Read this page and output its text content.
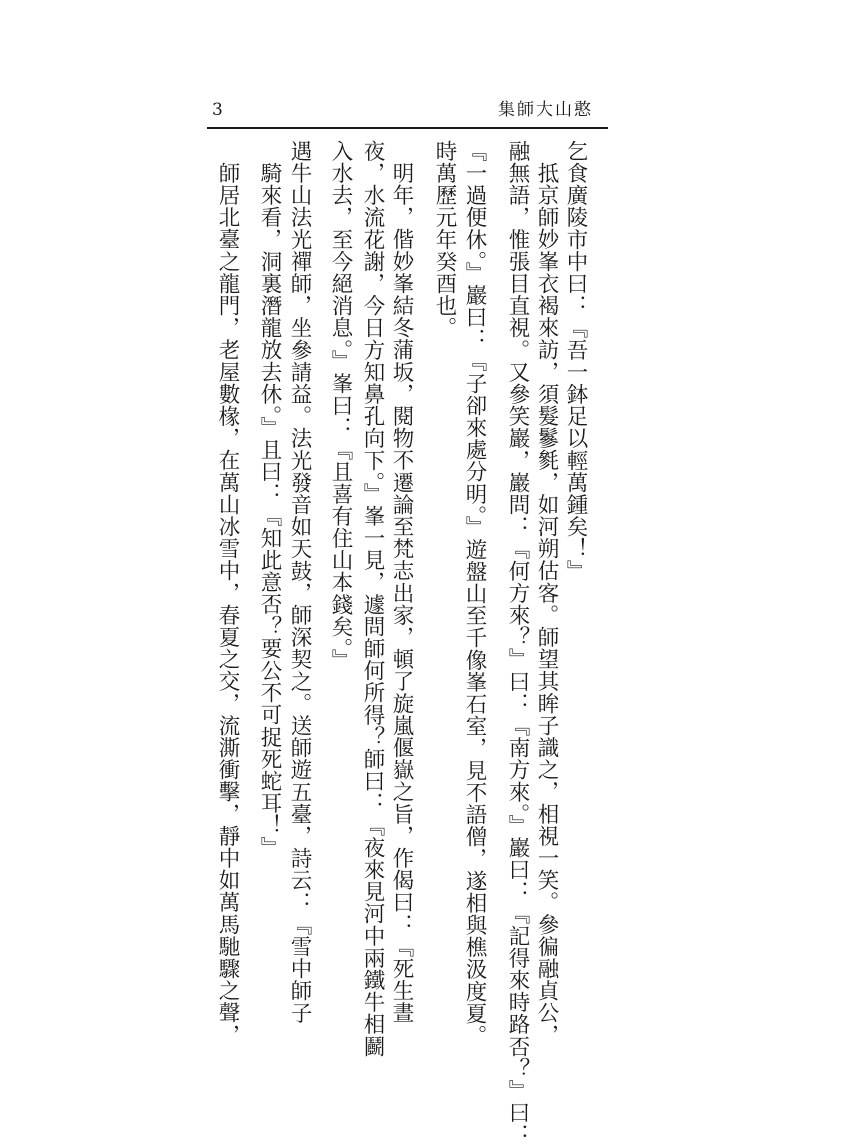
3	憨山大師集
乞食廣陵市中曰：『吾一鉢足以輕萬鍾矣！』
抵京師妙峯衣褐來訪，須髮鬖毿，如河朔估客。師望其眸子識之，相視一笑。參徧融貞公，
融無語，惟張目直視。又參笑巖，巖問：『何方來？』曰：『南方來。』巖曰：『記得來時路否？』曰：
『一過便休。』巖曰：『子卻來處分明。』遊盤山至千像峯石室，見不語僧，遂相與樵汲度夏。
時萬歷元年癸酉也。
明年，偕妙峯結冬蒲坂，閱物不遷論至梵志出家，頓了旋嵐偃嶽之旨，作偈曰：『死生晝
夜，水流花謝，今日方知鼻孔向下。』峯一見，遽問師何所得？師曰：『夜來見河中兩鐵牛相鬬
入水去，至今絕消息。』峯曰：『且喜有住山本錢矣。』
遇牛山法光禪師，坐參請益。法光發音如天鼓，師深契之。送師遊五臺，詩云：『雪中師子
騎來看，洞裏潛龍放去休。』且曰：『知此意否？要公不可捉死蛇耳！』
師居北臺之龍門，老屋數椽，在萬山冰雪中，春夏之交，流澌衝擊，靜中如萬馬馳驟之聲，
